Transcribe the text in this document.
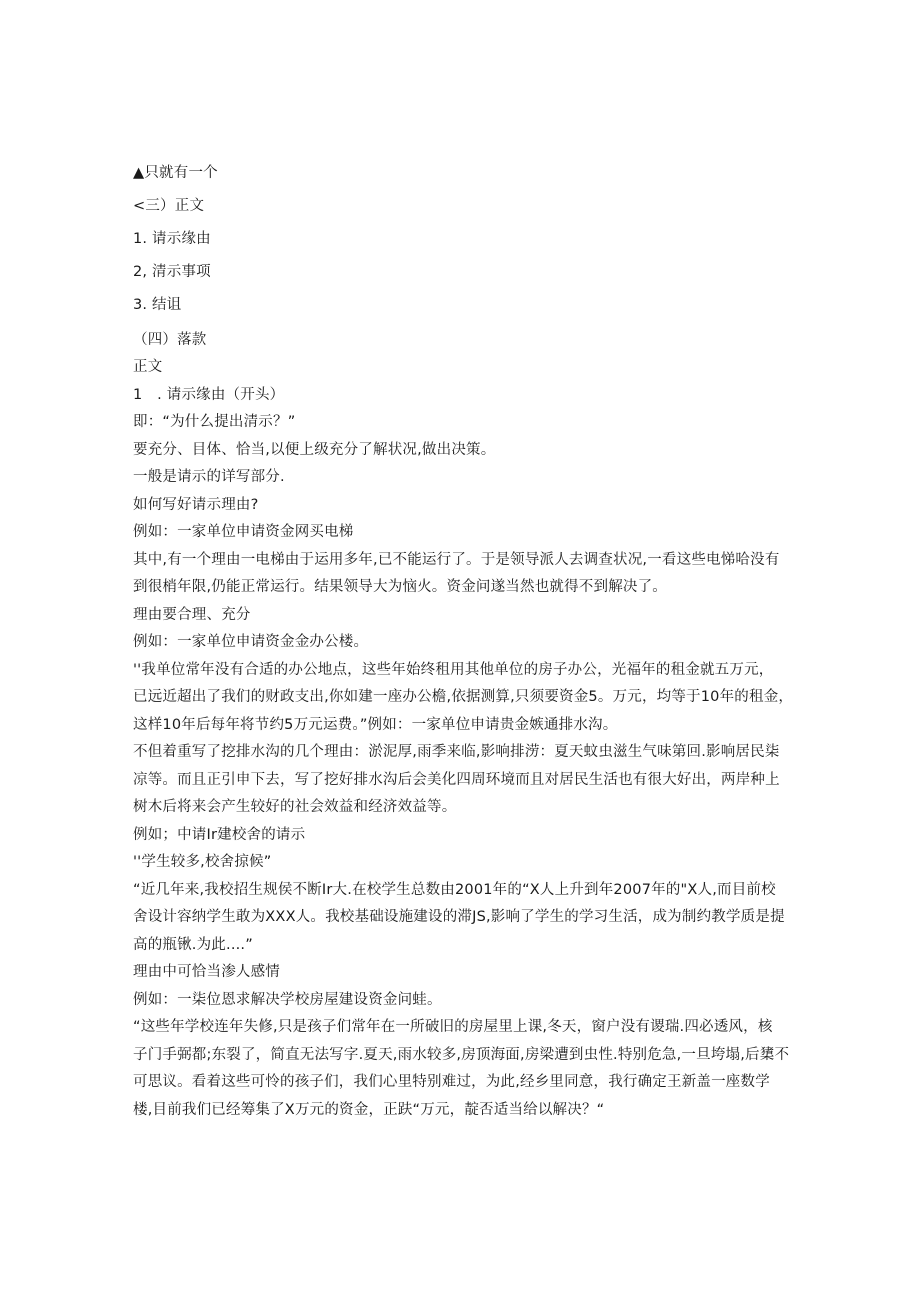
▲只就有一个
<三）正文
1. 请示缘由
2, 清示事项
3. 结诅
（四）落款
正文
1　. 请示缘由（开头）
即：“为什么提出清示？”
要充分、目体、恰当,以便上级充分了解状况,做出决策。
一般是请示的详写部分.
如何写好请示理由?
例如：一家单位申请资金网买电梯
其中,有一个理由一电梯由于运用多年,已不能运行了。于是领导派人去调查状况,一看这些电悌哈没有
到很梢年限,仍能正常运行。结果领导大为恼火。资金问遂当然也就得不到解决了。
理由要合理、充分
例如：一家单位申请资金金办公楼。
''我单位常年没有合适的办公地点，这些年始终租用其他单位的房子办公，光福年的租金就五万元，
已远近超出了我们的财政支出,你如建一座办公檐,依据测算,只须要资金5。万元，均等于10年的租金，
这样10年后每年将节约5万元运费。”例如：一家单位申请贵金嫉通排水沟。
不但着重写了挖排水沟的几个理由：淤泥厚,雨季来临,影响排涝：夏天蚊虫滋生气味第回.影响居民柒
凉等。而且正引申下去，写了挖好排水沟后会美化四周环境而且对居民生活也有很大好出，两岸种上
树木后将来会产生较好的社会效益和经济效益等。
例如；中请Ir建校舍的请示
''学生较多,校舍掠候”
“近几年来,我校招生规侯不断Ir大.在校学生总数由2001年的“X人上升到年2007年的"X人,而目前校
舍设计容纳学生敢为XXX人。我校基础设施建设的滞JS,影响了学生的学习生活，成为制约教学质是提
高的瓶锹.为此....”
理由中可恰当渗人感情
例如：一柒位恩求解决学校房屋建设资金问蛙。
“这些年学校连年失修,只是孩子们常年在一所破旧的房屋里上课,冬天，窗户没有谡瑞.四必透风，核
子门手弼都;东裂了，简直无法写字.夏天,雨水较多,房顶海面,房梁遭到虫性.特别危急,一旦垮塌,后橥不
可思议。看着这些可怜的孩子们，我们心里特别难过，为此,经乡里同意，我行确定王新盖一座数学
楼,目前我们已经筹集了X万元的资金，正趺“万元，靛否适当给以解决？“
